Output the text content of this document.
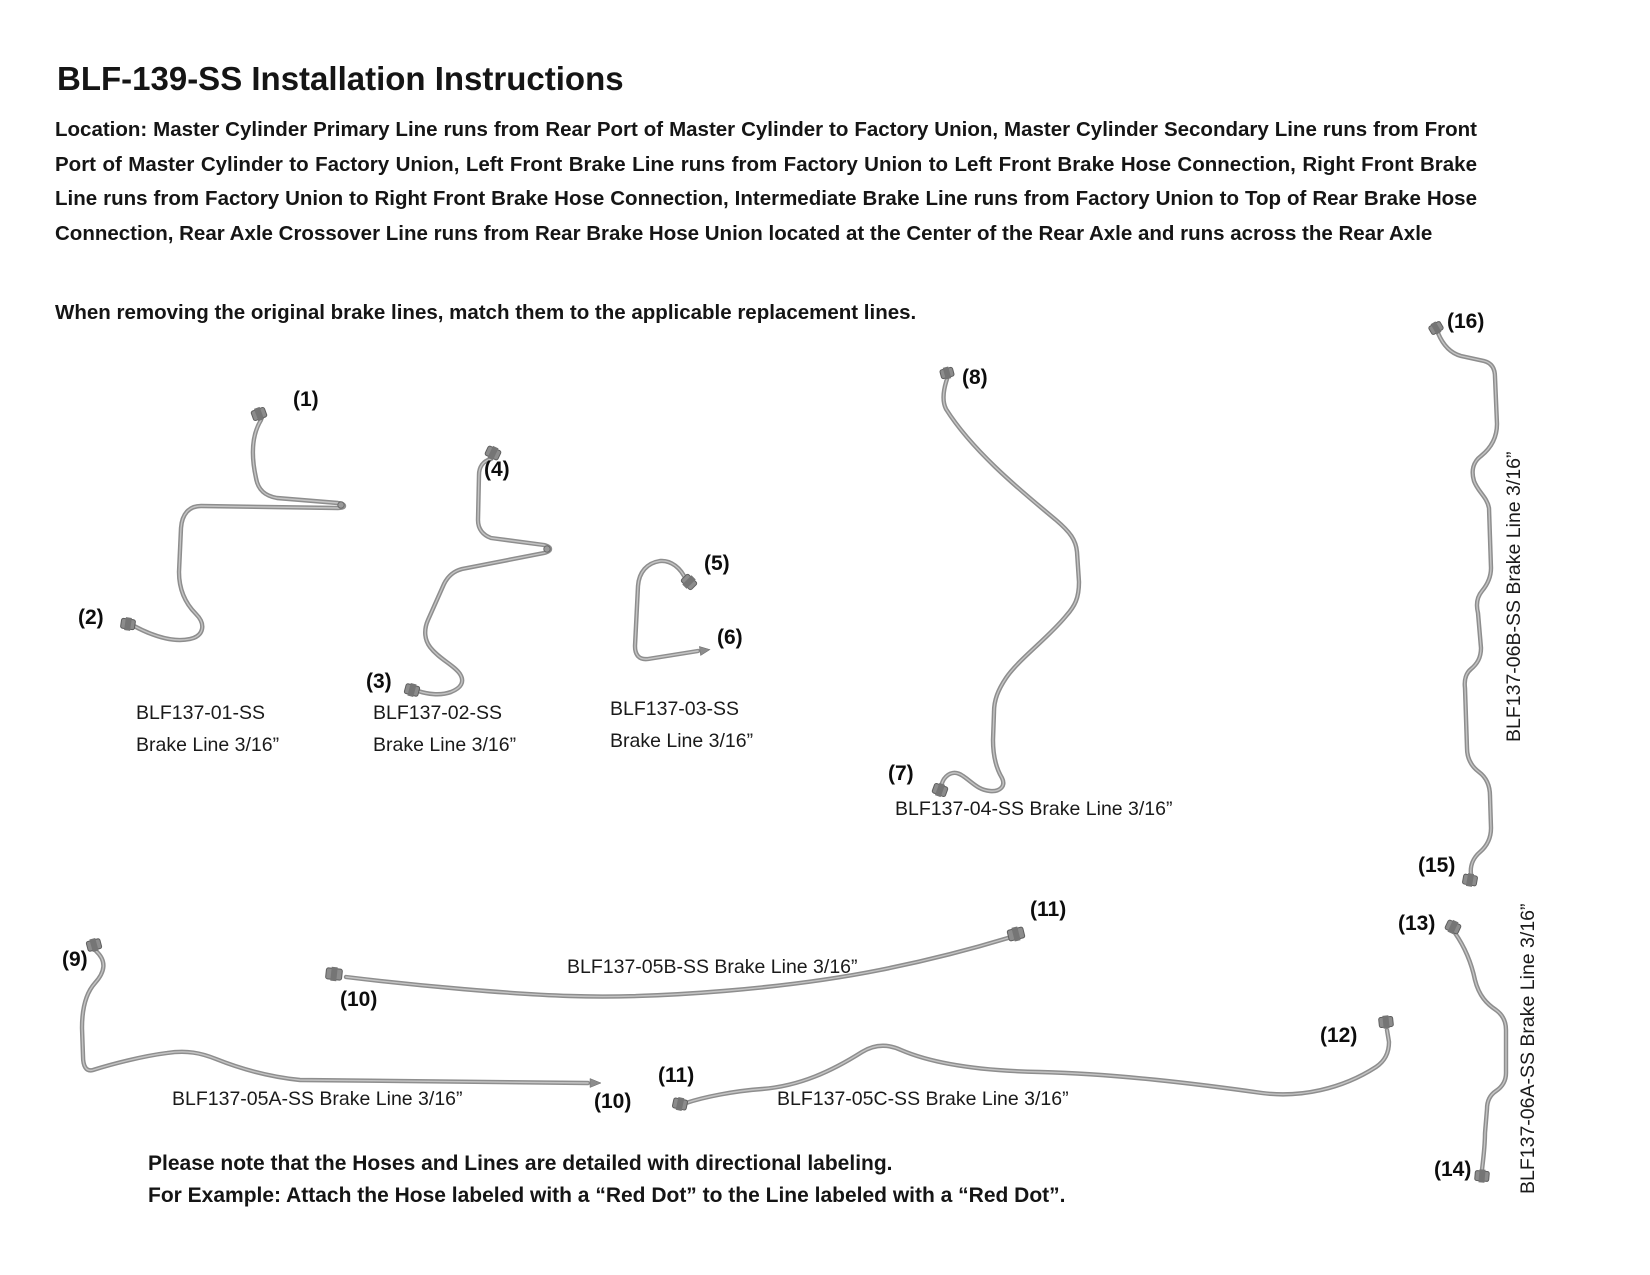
BLF-139-SS Installation Instructions
Location: Master Cylinder Primary Line runs from Rear Port of Master Cylinder to Factory Union, Master Cylinder Secondary Line runs from Front Port of Master Cylinder to Factory Union, Left Front Brake Line runs from Factory Union to Left Front Brake Hose Connection, Right Front Brake Line runs from Factory Union to Right Front Brake Hose Connection, Intermediate Brake Line runs from Factory Union to Top of Rear Brake Hose Connection, Rear Axle Crossover Line runs from Rear Brake Hose Union located at the Center of the Rear Axle and runs across the Rear Axle
When removing the original brake lines, match them to the applicable replacement lines.
Please note that the Hoses and Lines are detailed with directional labeling.
For Example: Attach the Hose labeled with a “Red Dot” to the Line labeled with a “Red Dot”.
(1)
(2)
(3)
(4)
(5)
(6)
(7)
(8)
(9)
(10)
(11)
(10)
(11)
(12)
(13)
(14)
(15)
(16)
BLF137-01-SS
Brake Line 3/16”
BLF137-02-SS
Brake Line 3/16”
BLF137-03-SS
Brake Line 3/16”
BLF137-04-SS Brake Line 3/16”
BLF137-05B-SS Brake Line 3/16”
BLF137-05A-SS Brake Line 3/16”	BLF137-05C-SS Brake Line 3/16”
BLF137-06B-SS Brake Line 3/16”
BLF137-06A-SS Brake Line 3/16”
